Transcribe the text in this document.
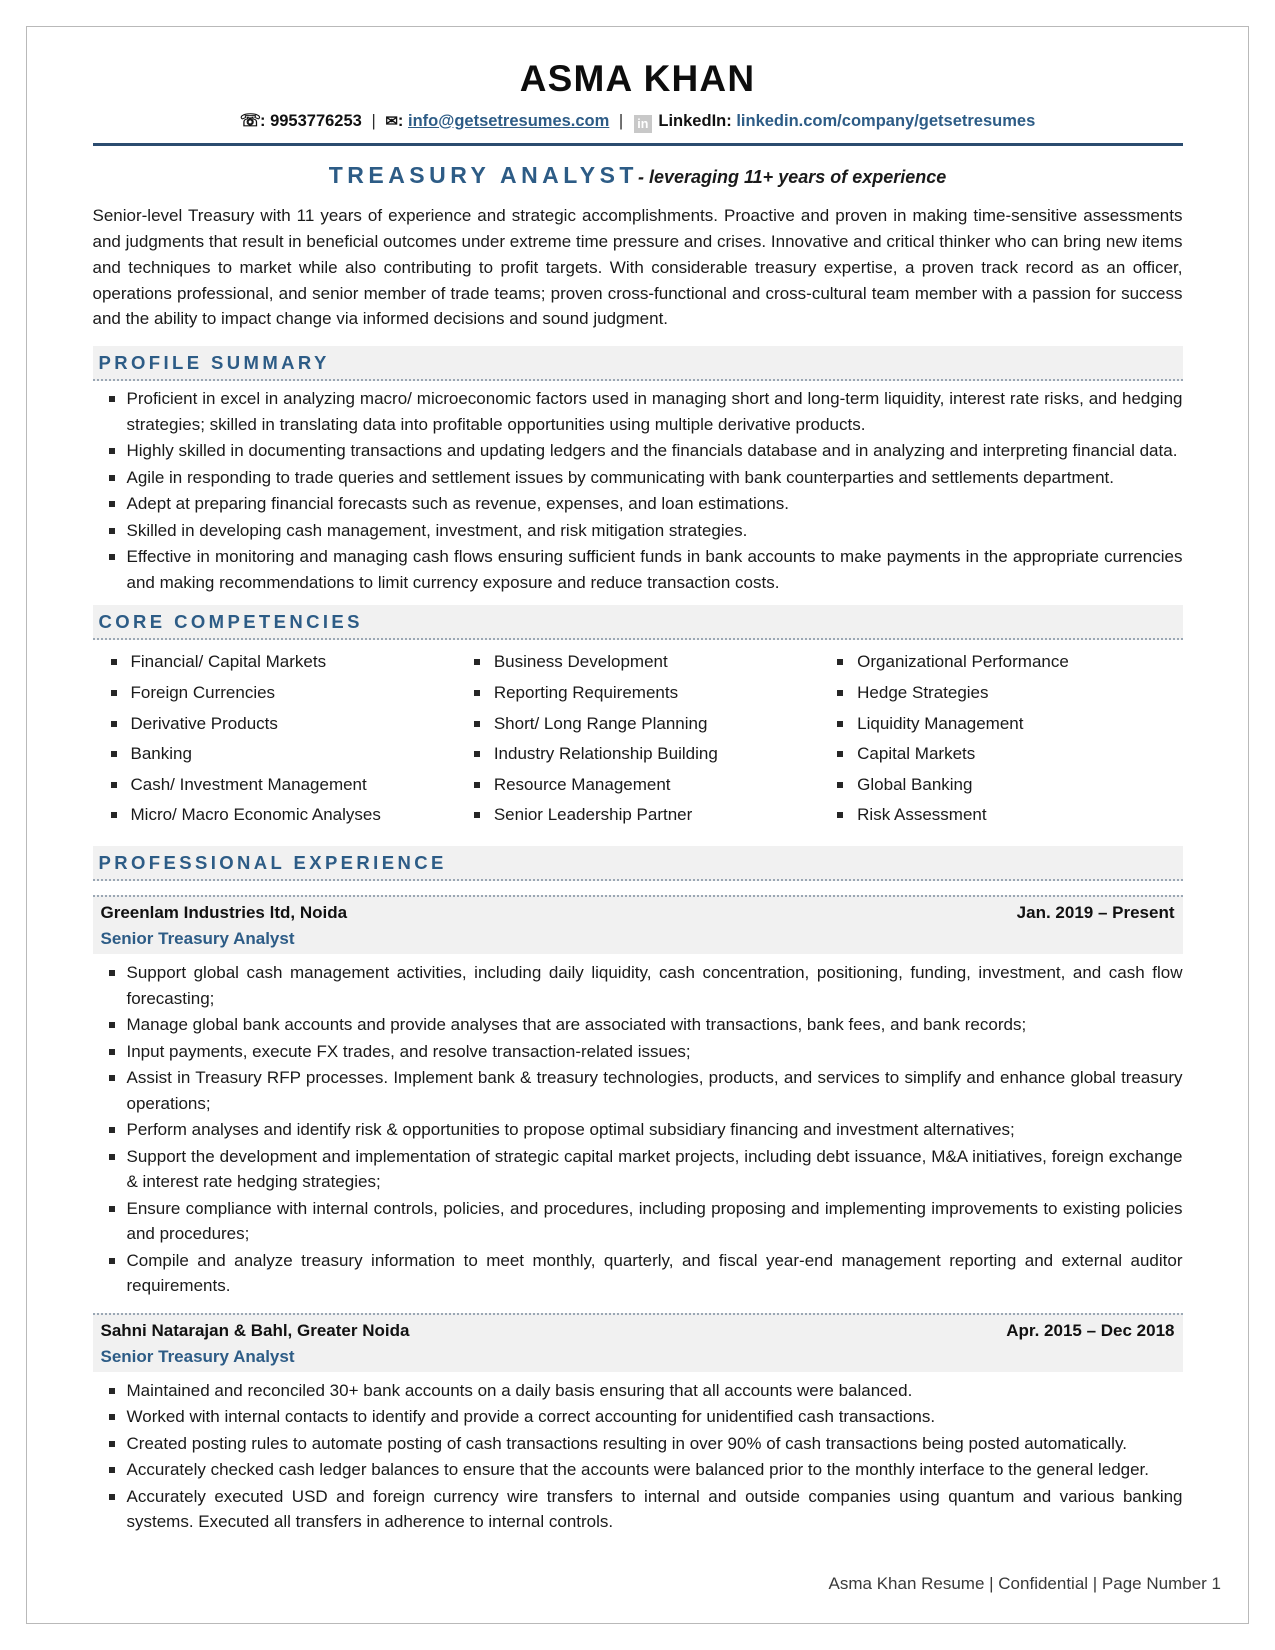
ASMA KHAN
☏: 9953776253 | ✉: info@getsetresumes.com | in LinkedIn: linkedin.com/company/getsetresumes
TREASURY ANALYST- leveraging 11+ years of experience
Senior-level Treasury with 11 years of experience and strategic accomplishments. Proactive and proven in making time-sensitive assessments and judgments that result in beneficial outcomes under extreme time pressure and crises. Innovative and critical thinker who can bring new items and techniques to market while also contributing to profit targets. With considerable treasury expertise, a proven track record as an officer, operations professional, and senior member of trade teams; proven cross-functional and cross-cultural team member with a passion for success and the ability to impact change via informed decisions and sound judgment.
PROFILE SUMMARY
Proficient in excel in analyzing macro/ microeconomic factors used in managing short and long-term liquidity, interest rate risks, and hedging strategies; skilled in translating data into profitable opportunities using multiple derivative products.
Highly skilled in documenting transactions and updating ledgers and the financials database and in analyzing and interpreting financial data.
Agile in responding to trade queries and settlement issues by communicating with bank counterparties and settlements department.
Adept at preparing financial forecasts such as revenue, expenses, and loan estimations.
Skilled in developing cash management, investment, and risk mitigation strategies.
Effective in monitoring and managing cash flows ensuring sufficient funds in bank accounts to make payments in the appropriate currencies and making recommendations to limit currency exposure and reduce transaction costs.
CORE COMPETENCIES
Financial/ Capital Markets
Foreign Currencies
Derivative Products
Banking
Cash/ Investment Management
Micro/ Macro Economic Analyses
Business Development
Reporting Requirements
Short/ Long Range Planning
Industry Relationship Building
Resource Management
Senior Leadership Partner
Organizational Performance
Hedge Strategies
Liquidity Management
Capital Markets
Global Banking
Risk Assessment
PROFESSIONAL EXPERIENCE
Greenlam Industries ltd, Noida	Jan. 2019 – Present
Senior Treasury Analyst
Support global cash management activities, including daily liquidity, cash concentration, positioning, funding, investment, and cash flow forecasting;
Manage global bank accounts and provide analyses that are associated with transactions, bank fees, and bank records;
Input payments, execute FX trades, and resolve transaction-related issues;
Assist in Treasury RFP processes. Implement bank & treasury technologies, products, and services to simplify and enhance global treasury operations;
Perform analyses and identify risk & opportunities to propose optimal subsidiary financing and investment alternatives;
Support the development and implementation of strategic capital market projects, including debt issuance, M&A initiatives, foreign exchange & interest rate hedging strategies;
Ensure compliance with internal controls, policies, and procedures, including proposing and implementing improvements to existing policies and procedures;
Compile and analyze treasury information to meet monthly, quarterly, and fiscal year-end management reporting and external auditor requirements.
Sahni Natarajan & Bahl, Greater Noida	Apr. 2015 – Dec 2018
Senior Treasury Analyst
Maintained and reconciled 30+ bank accounts on a daily basis ensuring that all accounts were balanced.
Worked with internal contacts to identify and provide a correct accounting for unidentified cash transactions.
Created posting rules to automate posting of cash transactions resulting in over 90% of cash transactions being posted automatically.
Accurately checked cash ledger balances to ensure that the accounts were balanced prior to the monthly interface to the general ledger.
Accurately executed USD and foreign currency wire transfers to internal and outside companies using quantum and various banking systems. Executed all transfers in adherence to internal controls.
Asma Khan Resume | Confidential | Page Number 1
